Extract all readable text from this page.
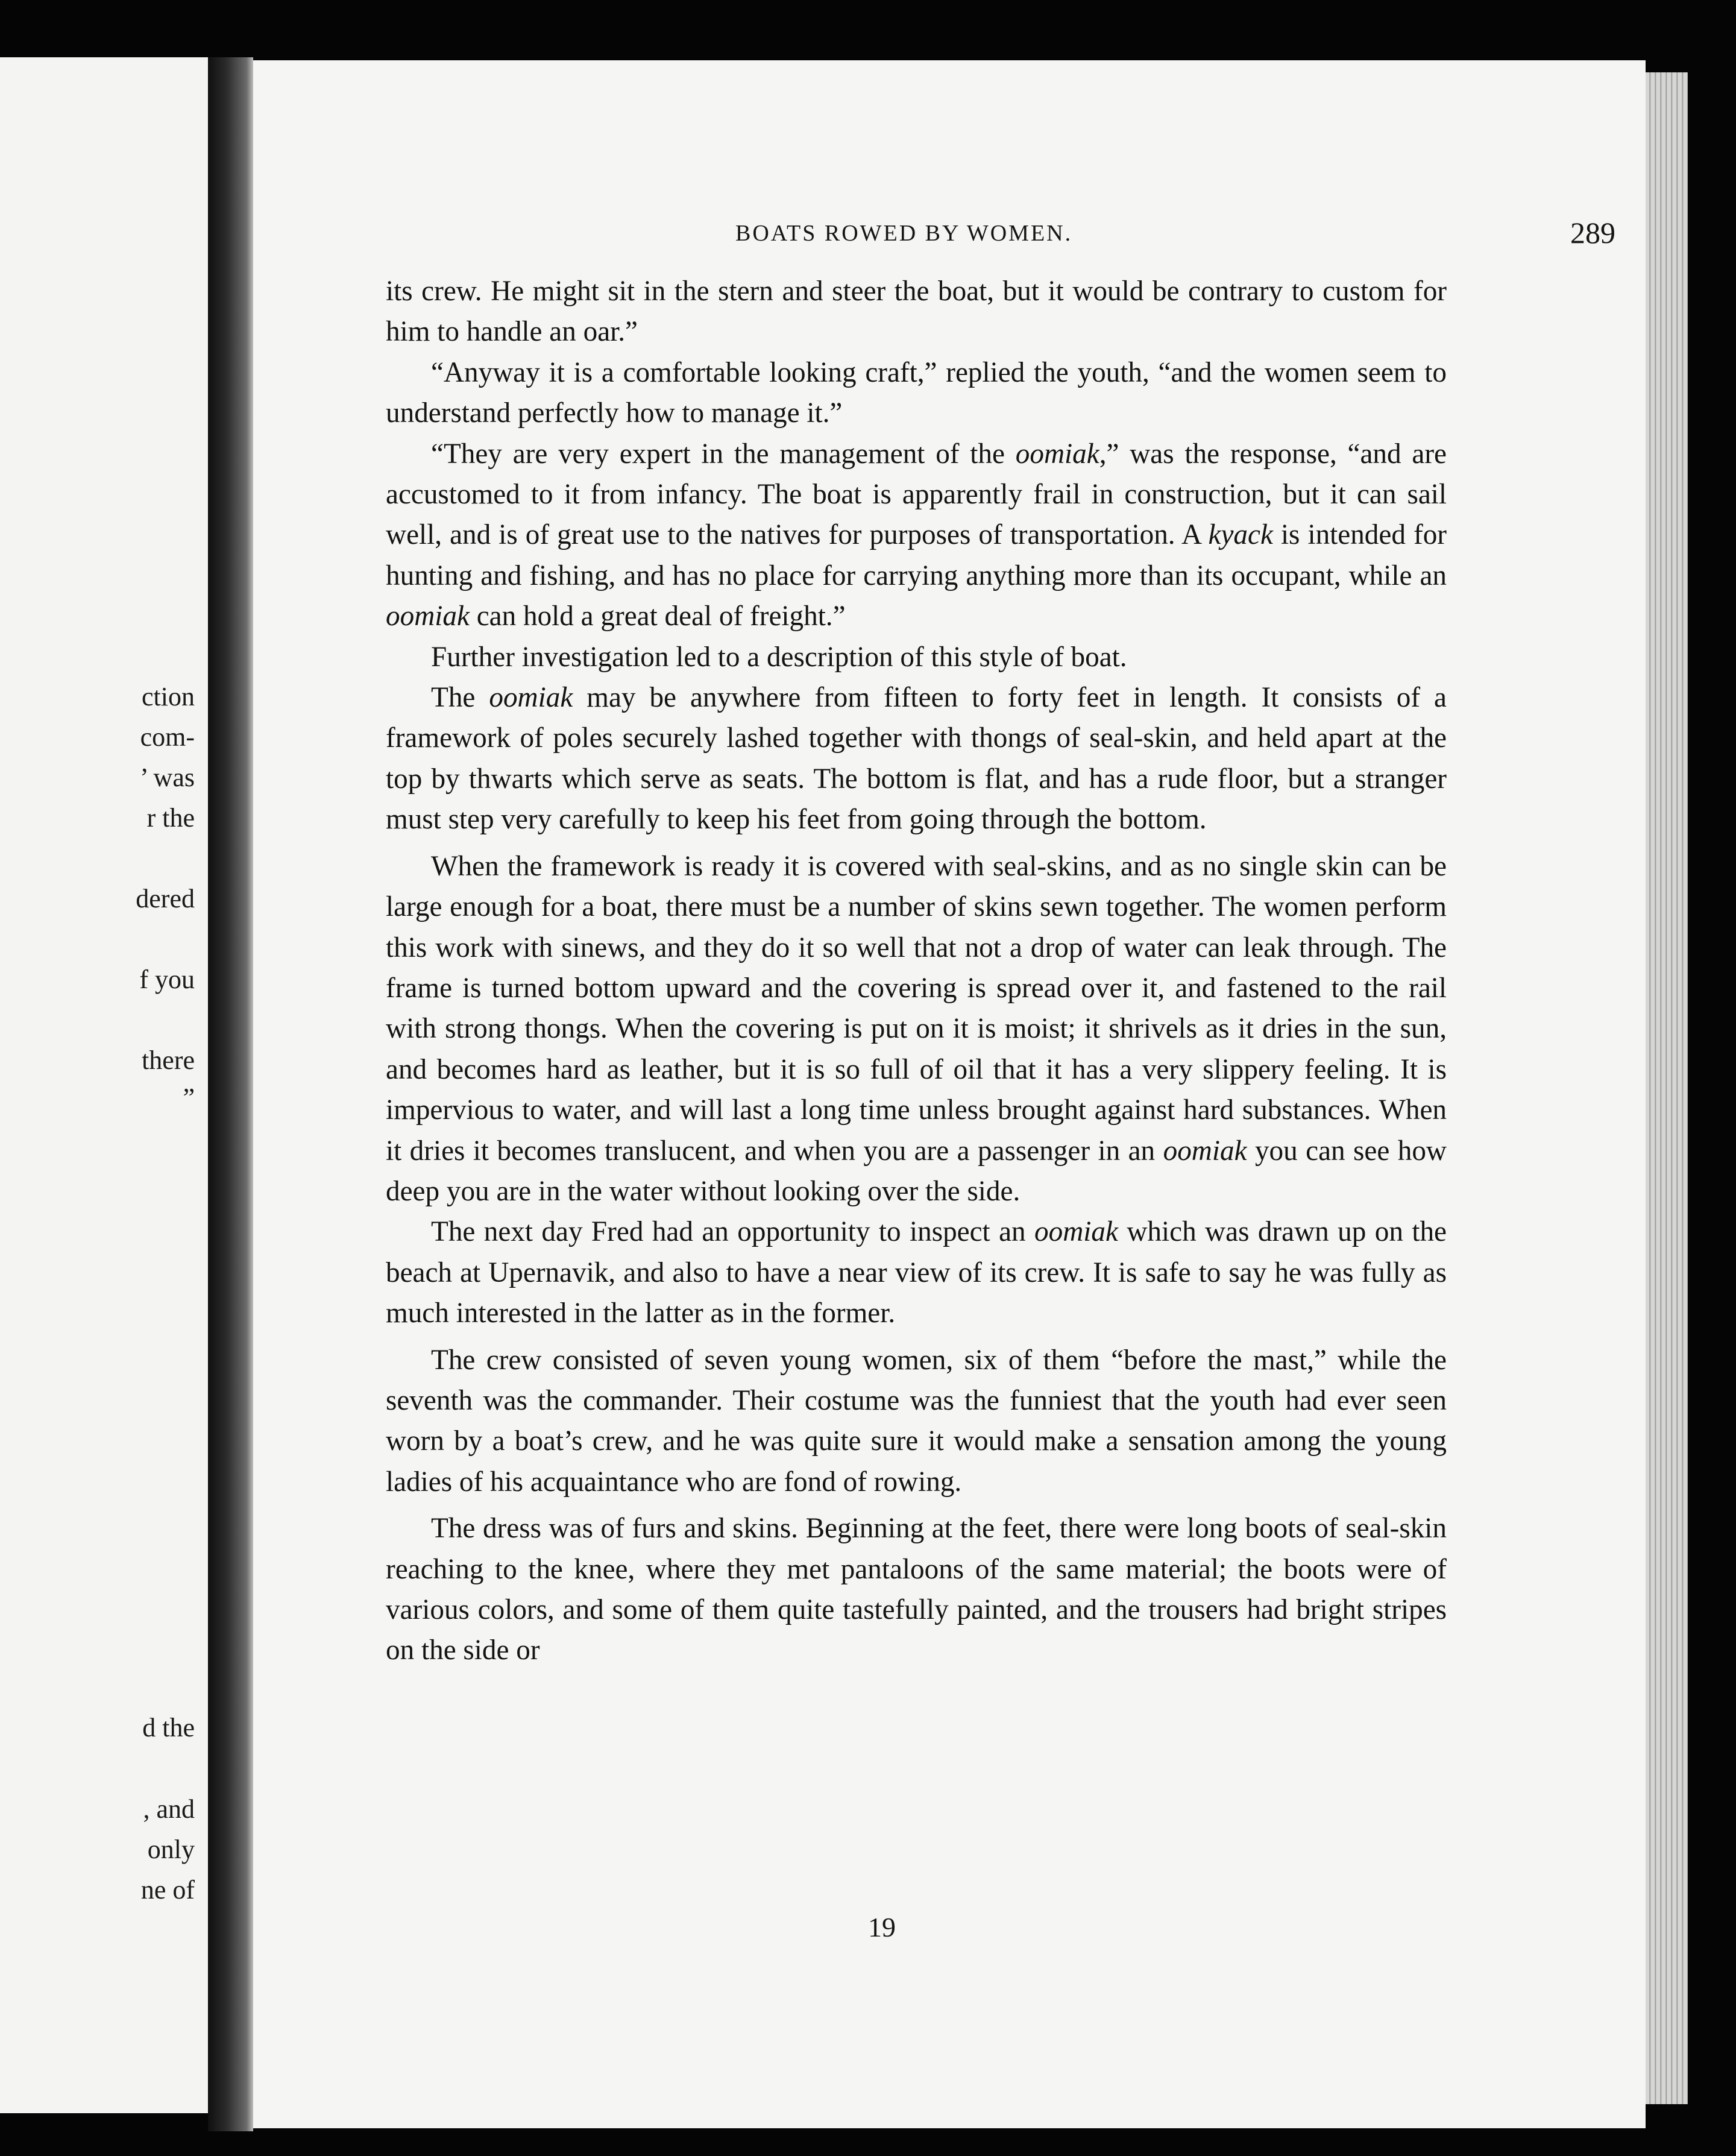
ction
com-
’ was
r the
dered
f you
there
”
d the
, and
only
ne of
BOATS ROWED BY WOMEN.	289

its crew. He might sit in the stern and steer the boat, but it would be contrary to custom for him to handle an oar.”

“Anyway it is a comfortable looking craft,” replied the youth, “and the women seem to understand perfectly how to manage it.”

“They are very expert in the management of the oomiak,” was the response, “and are accustomed to it from infancy. The boat is apparently frail in construction, but it can sail well, and is of great use to the natives for purposes of transportation. A kyack is intended for hunting and fishing, and has no place for carrying anything more than its occupant, while an oomiak can hold a great deal of freight.”

Further investigation led to a description of this style of boat.

The oomiak may be anywhere from fifteen to forty feet in length. It consists of a framework of poles securely lashed together with thongs of seal-skin, and held apart at the top by thwarts which serve as seats. The bottom is flat, and has a rude floor, but a stranger must step very carefully to keep his feet from going through the bottom.

When the framework is ready it is covered with seal-skins, and as no single skin can be large enough for a boat, there must be a number of skins sewn together. The women perform this work with sinews, and they do it so well that not a drop of water can leak through. The frame is turned bottom upward and the covering is spread over it, and fastened to the rail with strong thongs. When the covering is put on it is moist; it shrivels as it dries in the sun, and becomes hard as leather, but it is so full of oil that it has a very slippery feeling. It is impervious to water, and will last a long time unless brought against hard substances. When it dries it becomes translucent, and when you are a passenger in an oomiak you can see how deep you are in the water without looking over the side.

The next day Fred had an opportunity to inspect an oomiak which was drawn up on the beach at Upernavik, and also to have a near view of its crew. It is safe to say he was fully as much interested in the latter as in the former.

The crew consisted of seven young women, six of them “before the mast,” while the seventh was the commander. Their costume was the funniest that the youth had ever seen worn by a boat’s crew, and he was quite sure it would make a sensation among the young ladies of his acquaintance who are fond of rowing.

The dress was of furs and skins. Beginning at the feet, there were long boots of seal-skin reaching to the knee, where they met pantaloons of the same material; the boots were of various colors, and some of them quite tastefully painted, and the trousers had bright stripes on the side or

19
